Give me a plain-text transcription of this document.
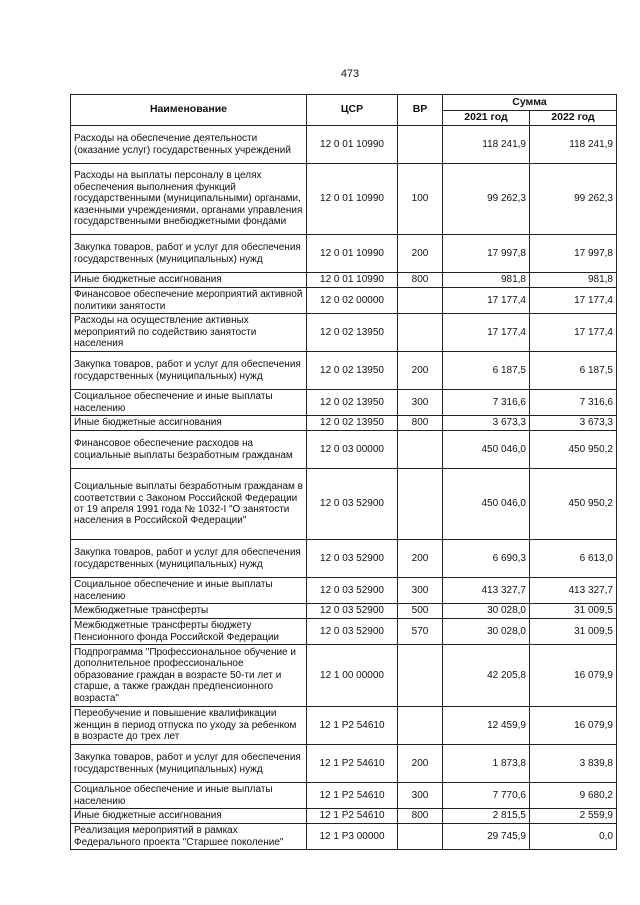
473
Наименование	ЦСР	ВР	Сумма	
			2021 год	2022 год
Расходы на обеспечение деятельности (оказание услуг) государственных учреждений	12 0 01 10990		118 241,9	118 241,9
Расходы на выплаты персоналу в целях обеспечения выполнения функций государственными (муниципальными) органами, казенными учреждениями, органами управления государственными внебюджетными фондами	12 0 01 10990	100	99 262,3	99 262,3
Закупка товаров, работ и услуг для обеспечения государственных (муниципальных) нужд	12 0 01 10990	200	17 997,8	17 997,8
Иные бюджетные ассигнования	12 0 01 10990	800	981,8	981,8
Финансовое обеспечение мероприятий активной политики занятости	12 0 02 00000		17 177,4	17 177,4
Расходы на осуществление активных мероприятий по содействию занятости населения	12 0 02 13950		17 177,4	17 177,4
Закупка товаров, работ и услуг для обеспечения государственных (муниципальных) нужд	12 0 02 13950	200	6 187,5	6 187,5
Социальное обеспечение и иные выплаты населению	12 0 02 13950	300	7 316,6	7 316,6
Иные бюджетные ассигнования	12 0 02 13950	800	3 673,3	3 673,3
Финансовое обеспечение расходов на социальные выплаты безработным гражданам	12 0 03 00000		450 046,0	450 950,2
Социальные выплаты безработным гражданам в соответствии с Законом Российской Федерации от 19 апреля 1991 года № 1032-I "О занятости населения в Российской Федерации"	12 0 03 52900		450 046,0	450 950,2
Закупка товаров, работ и услуг для обеспечения государственных (муниципальных) нужд	12 0 03 52900	200	6 690,3	6 613,0
Социальное обеспечение и иные выплаты населению	12 0 03 52900	300	413 327,7	413 327,7
Межбюджетные трансферты	12 0 03 52900	500	30 028,0	31 009,5
Межбюджетные трансферты бюджету Пенсионного фонда Российской Федерации	12 0 03 52900	570	30 028,0	31 009,5
Подпрограмма "Профессиональное обучение и дополнительное профессиональное образование граждан в возрасте 50-ти лет и старше, а также граждан предпенсионного возраста"	12 1 00 00000		42 205,8	16 079,9
Переобучение и повышение квалификации женщин в период отпуска по уходу за ребенком в возрасте до трех лет	12 1 P2 54610		12 459,9	16 079,9
Закупка товаров, работ и услуг для обеспечения государственных (муниципальных) нужд	12 1 P2 54610	200	1 873,8	3 839,8
Социальное обеспечение и иные выплаты населению	12 1 P2 54610	300	7 770,6	9 680,2
Иные бюджетные ассигнования	12 1 P2 54610	800	2 815,5	2 559,9
Реализация мероприятий в рамках Федерального проекта "Старшее поколение"	12 1 P3 00000		29 745,9	0,0
